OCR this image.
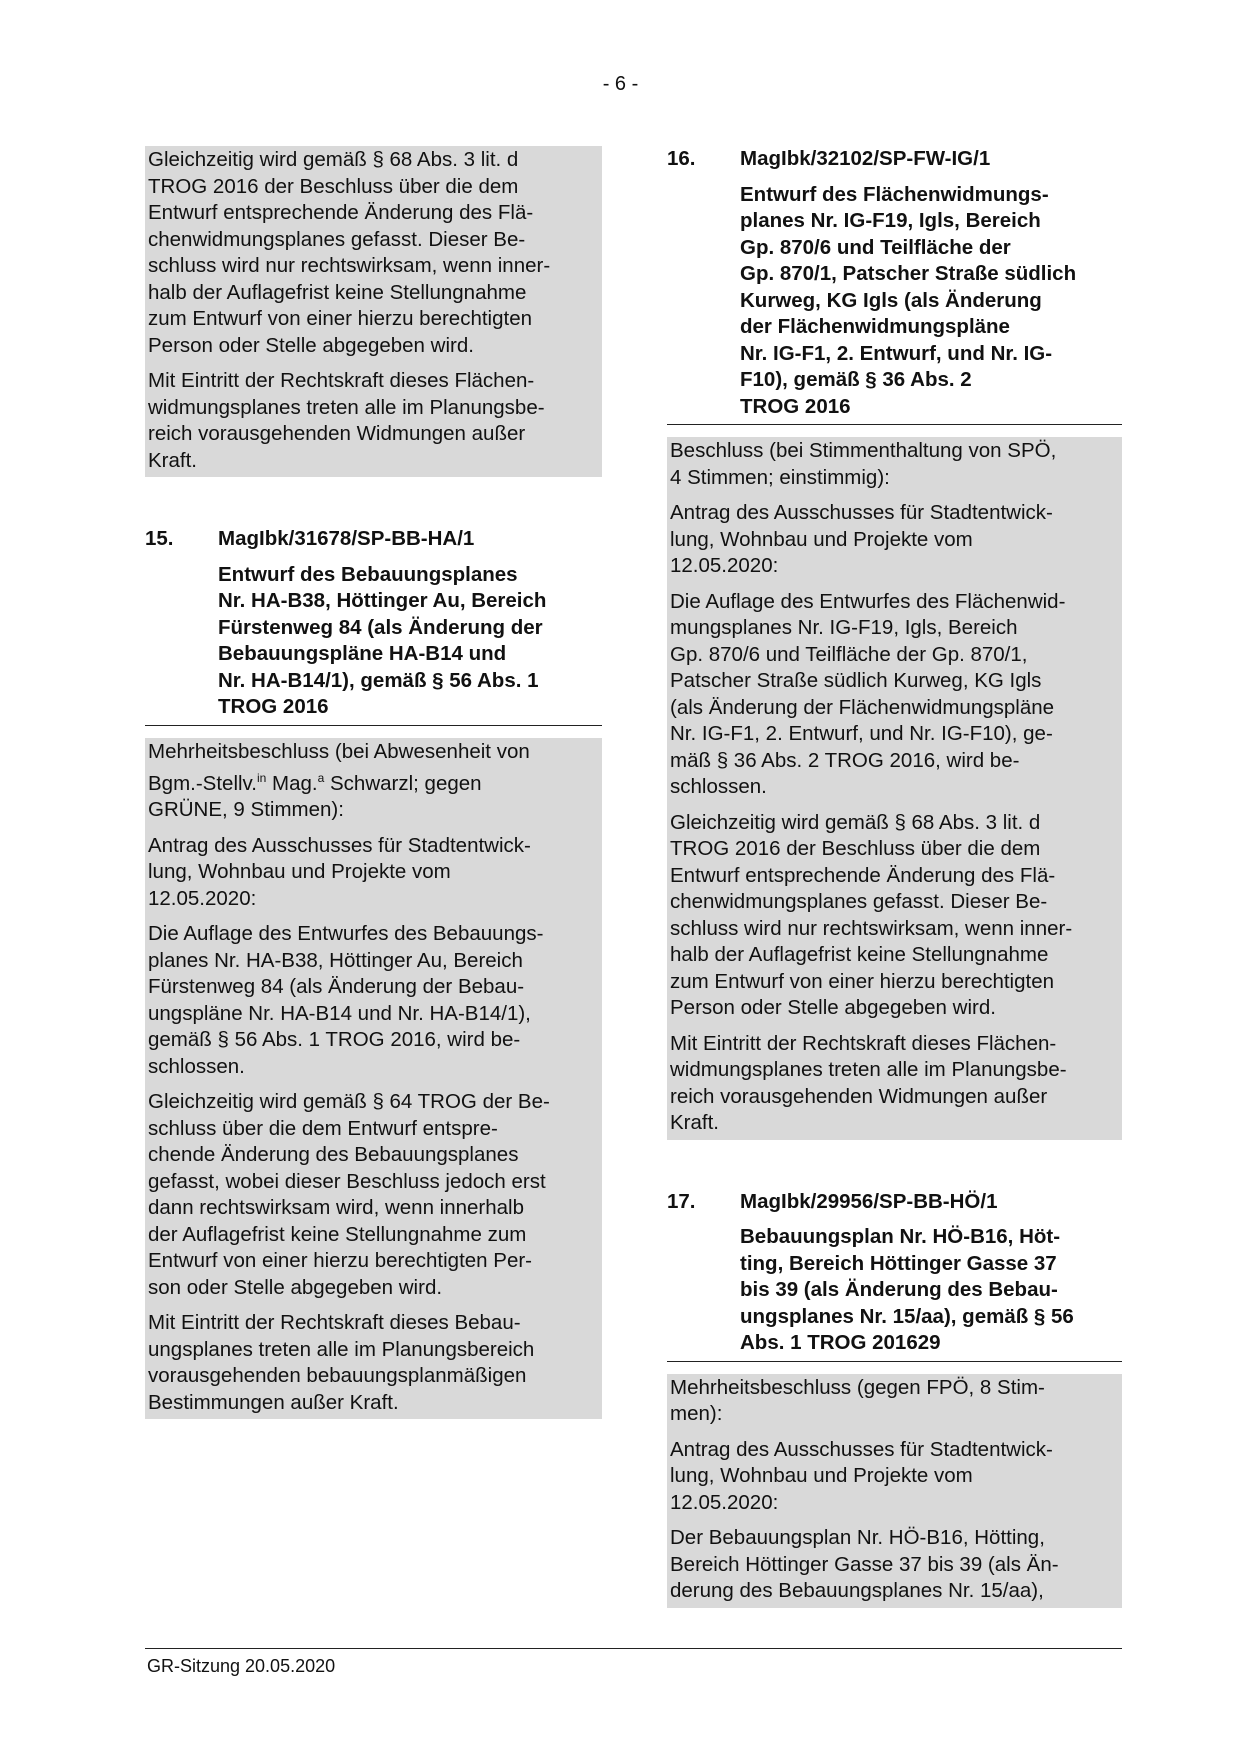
- 6 -

Gleichzeitig wird gemäß § 68 Abs. 3 lit. d
TROG 2016 der Beschluss über die dem
Entwurf entsprechende Änderung des Flä-
chenwidmungsplanes gefasst. Dieser Be-
schluss wird nur rechtswirksam, wenn inner-
halb der Auflagefrist keine Stellungnahme
zum Entwurf von einer hierzu berechtigten
Person oder Stelle abgegeben wird.

Mit Eintritt der Rechtskraft dieses Flächen-
widmungsplanes treten alle im Planungsbe-
reich vorausgehenden Widmungen außer
Kraft.

15.	MagIbk/31678/SP-BB-HA/1
Entwurf des Bebauungsplanes
Nr. HA-B38, Höttinger Au, Bereich
Fürstenweg 84 (als Änderung der
Bebauungspläne HA-B14 und
Nr. HA-B14/1), gemäß § 56 Abs. 1
TROG 2016

Mehrheitsbeschluss (bei Abwesenheit von
Bgm.-Stellv.$^{in}$ Mag.$^a$ Schwarzl; gegen
GRÜNE, 9 Stimmen):

Antrag des Ausschusses für Stadtentwick-
lung, Wohnbau und Projekte vom
12.05.2020:

Die Auflage des Entwurfes des Bebauungs-
planes Nr. HA-B38, Höttinger Au, Bereich
Fürstenweg 84 (als Änderung der Bebau-
ungspläne Nr. HA-B14 und Nr. HA-B14/1),
gemäß § 56 Abs. 1 TROG 2016, wird be-
schlossen.

Gleichzeitig wird gemäß § 64 TROG der Be-
schluss über die dem Entwurf entspre-
chende Änderung des Bebauungsplanes
gefasst, wobei dieser Beschluss jedoch erst
dann rechtswirksam wird, wenn innerhalb
der Auflagefrist keine Stellungnahme zum
Entwurf von einer hierzu berechtigten Per-
son oder Stelle abgegeben wird.

Mit Eintritt der Rechtskraft dieses Bebau-
ungsplanes treten alle im Planungsbereich
vorausgehenden bebauungsplanmäßigen
Bestimmungen außer Kraft.

16.	MagIbk/32102/SP-FW-IG/1
Entwurf des Flächenwidmungs-
planes Nr. IG-F19, Igls, Bereich
Gp. 870/6 und Teilfläche der
Gp. 870/1, Patscher Straße südlich
Kurweg, KG Igls (als Änderung
der Flächenwidmungspläne
Nr. IG-F1, 2. Entwurf, und Nr. IG-
F10), gemäß § 36 Abs. 2
TROG 2016

Beschluss (bei Stimmenthaltung von SPÖ,
4 Stimmen; einstimmig):

Antrag des Ausschusses für Stadtentwick-
lung, Wohnbau und Projekte vom
12.05.2020:

Die Auflage des Entwurfes des Flächenwid-
mungsplanes Nr. IG-F19, Igls, Bereich
Gp. 870/6 und Teilfläche der Gp. 870/1,
Patscher Straße südlich Kurweg, KG Igls
(als Änderung der Flächenwidmungspläne
Nr. IG-F1, 2. Entwurf, und Nr. IG-F10), ge-
mäß § 36 Abs. 2 TROG 2016, wird be-
schlossen.

Gleichzeitig wird gemäß § 68 Abs. 3 lit. d
TROG 2016 der Beschluss über die dem
Entwurf entsprechende Änderung des Flä-
chenwidmungsplanes gefasst. Dieser Be-
schluss wird nur rechtswirksam, wenn inner-
halb der Auflagefrist keine Stellungnahme
zum Entwurf von einer hierzu berechtigten
Person oder Stelle abgegeben wird.

Mit Eintritt der Rechtskraft dieses Flächen-
widmungsplanes treten alle im Planungsbe-
reich vorausgehenden Widmungen außer
Kraft.

17.	MagIbk/29956/SP-BB-HÖ/1
Bebauungsplan Nr. HÖ-B16, Höt-
ting, Bereich Höttinger Gasse 37
bis 39 (als Änderung des Bebau-
ungsplanes Nr. 15/aa), gemäß § 56
Abs. 1 TROG 201629

Mehrheitsbeschluss (gegen FPÖ, 8 Stim-
men):

Antrag des Ausschusses für Stadtentwick-
lung, Wohnbau und Projekte vom
12.05.2020:

Der Bebauungsplan Nr. HÖ-B16, Hötting,
Bereich Höttinger Gasse 37 bis 39 (als Än-
derung des Bebauungsplanes Nr. 15/aa),

GR-Sitzung 20.05.2020
